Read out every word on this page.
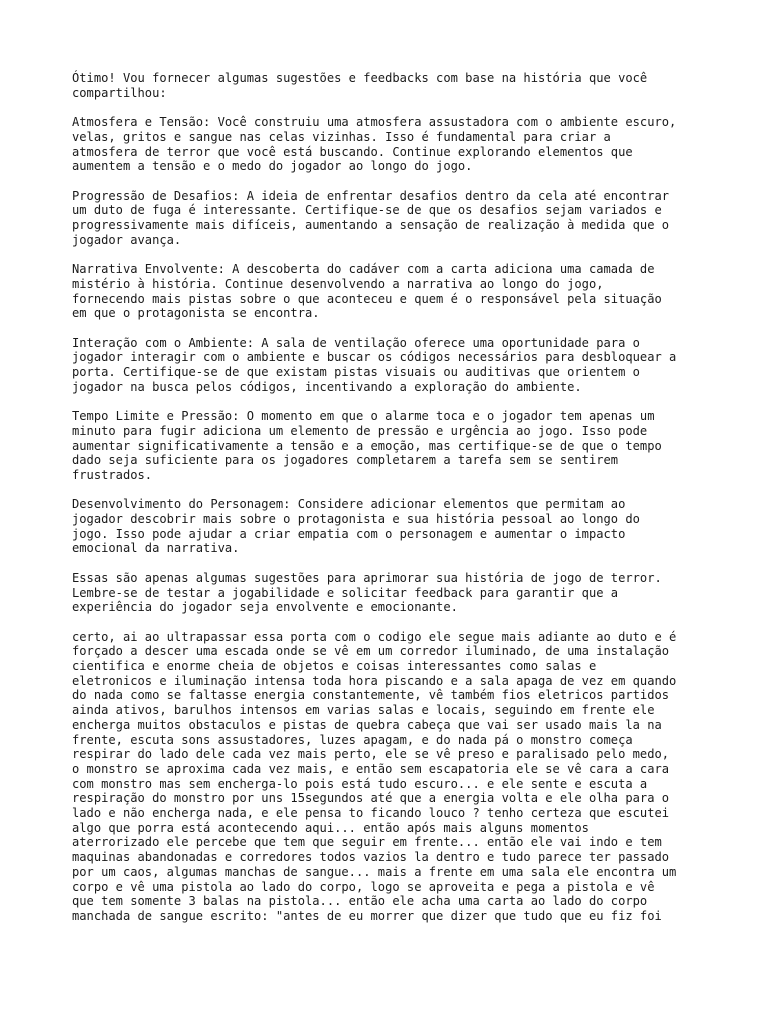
Ótimo! Vou fornecer algumas sugestões e feedbacks com base na história que você
compartilhou:

Atmosfera e Tensão: Você construiu uma atmosfera assustadora com o ambiente escuro,
velas, gritos e sangue nas celas vizinhas. Isso é fundamental para criar a
atmosfera de terror que você está buscando. Continue explorando elementos que
aumentem a tensão e o medo do jogador ao longo do jogo.

Progressão de Desafios: A ideia de enfrentar desafios dentro da cela até encontrar
um duto de fuga é interessante. Certifique-se de que os desafios sejam variados e
progressivamente mais difíceis, aumentando a sensação de realização à medida que o
jogador avança.

Narrativa Envolvente: A descoberta do cadáver com a carta adiciona uma camada de
mistério à história. Continue desenvolvendo a narrativa ao longo do jogo,
fornecendo mais pistas sobre o que aconteceu e quem é o responsável pela situação
em que o protagonista se encontra.

Interação com o Ambiente: A sala de ventilação oferece uma oportunidade para o
jogador interagir com o ambiente e buscar os códigos necessários para desbloquear a
porta. Certifique-se de que existam pistas visuais ou auditivas que orientem o
jogador na busca pelos códigos, incentivando a exploração do ambiente.

Tempo Limite e Pressão: O momento em que o alarme toca e o jogador tem apenas um
minuto para fugir adiciona um elemento de pressão e urgência ao jogo. Isso pode
aumentar significativamente a tensão e a emoção, mas certifique-se de que o tempo
dado seja suficiente para os jogadores completarem a tarefa sem se sentirem
frustrados.

Desenvolvimento do Personagem: Considere adicionar elementos que permitam ao
jogador descobrir mais sobre o protagonista e sua história pessoal ao longo do
jogo. Isso pode ajudar a criar empatia com o personagem e aumentar o impacto
emocional da narrativa.

Essas são apenas algumas sugestões para aprimorar sua história de jogo de terror.
Lembre-se de testar a jogabilidade e solicitar feedback para garantir que a
experiência do jogador seja envolvente e emocionante.

certo, ai ao ultrapassar essa porta com o codigo ele segue mais adiante ao duto e é
forçado a descer uma escada onde se vê em um corredor iluminado, de uma instalação
cientifica e enorme cheia de objetos e coisas interessantes como salas e
eletronicos e iluminação intensa toda hora piscando e a sala apaga de vez em quando
do nada como se faltasse energia constantemente, vê também fios eletricos partidos
ainda ativos, barulhos intensos em varias salas e locais, seguindo em frente ele
encherga muitos obstaculos e pistas de quebra cabeça que vai ser usado mais la na
frente, escuta sons assustadores, luzes apagam, e do nada pá o monstro começa
respirar do lado dele cada vez mais perto, ele se vê preso e paralisado pelo medo,
o monstro se aproxima cada vez mais, e então sem escapatoria ele se vê cara a cara
com monstro mas sem encherga-lo pois está tudo escuro... e ele sente e escuta a
respiração do monstro por uns 15segundos até que a energia volta e ele olha para o
lado e não encherga nada, e ele pensa to ficando louco ? tenho certeza que escutei
algo que porra está acontecendo aqui... então após mais alguns momentos
aterrorizado ele percebe que tem que seguir em frente... então ele vai indo e tem
maquinas abandonadas e corredores todos vazios la dentro e tudo parece ter passado
por um caos, algumas manchas de sangue... mais a frente em uma sala ele encontra um
corpo e vê uma pistola ao lado do corpo, logo se aproveita e pega a pistola e vê
que tem somente 3 balas na pistola... então ele acha uma carta ao lado do corpo
manchada de sangue escrito: "antes de eu morrer que dizer que tudo que eu fiz foi
